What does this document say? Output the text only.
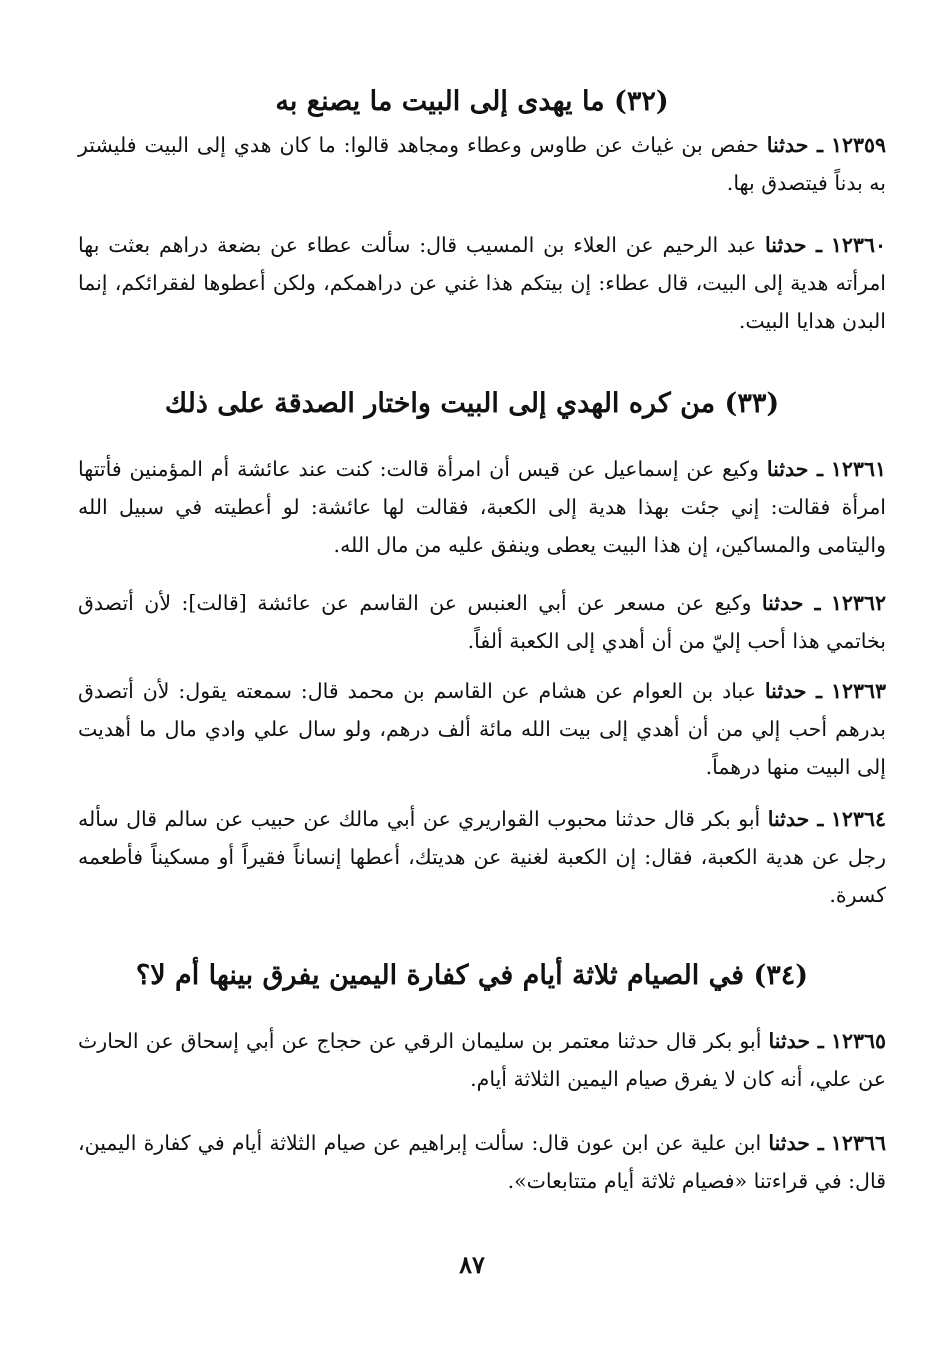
(٣٢) ما يهدى إلى البيت ما يصنع به

١٢٣٥٩ ـ حدثنا حفص بن غياث عن طاوس وعطاء ومجاهد قالوا: ما كان هدي إلى البيت فليشتر به بدناً فيتصدق بها.

١٢٣٦٠ ـ حدثنا عبد الرحيم عن العلاء بن المسيب قال: سألت عطاء عن بضعة دراهم بعثت بها امرأته هدية إلى البيت، قال عطاء: إن بيتكم هذا غني عن دراهمكم، ولكن أعطوها لفقرائكم، إنما البدن هدايا البيت.

(٣٣) من كره الهدي إلى البيت واختار الصدقة على ذلك

١٢٣٦١ ـ حدثنا وكيع عن إسماعيل عن قيس أن امرأة قالت: كنت عند عائشة أم المؤمنين فأتتها امرأة فقالت: إني جئت بهذا هدية إلى الكعبة، فقالت لها عائشة: لو أعطيته في سبيل الله واليتامى والمساكين، إن هذا البيت يعطى وينفق عليه من مال الله.

١٢٣٦٢ ـ حدثنا وكيع عن مسعر عن أبي العنبس عن القاسم عن عائشة [قالت]: لأن أتصدق بخاتمي هذا أحب إليّ من أن أهدي إلى الكعبة ألفاً.

١٢٣٦٣ ـ حدثنا عباد بن العوام عن هشام عن القاسم بن محمد قال: سمعته يقول: لأن أتصدق بدرهم أحب إلي من أن أهدي إلى بيت الله مائة ألف درهم، ولو سال علي وادي مال ما أهديت إلى البيت منها درهماً.

١٢٣٦٤ ـ حدثنا أبو بكر قال حدثنا محبوب القواريري عن أبي مالك عن حبيب عن سالم قال سأله رجل عن هدية الكعبة، فقال: إن الكعبة لغنية عن هديتك، أعطها إنساناً فقيراً أو مسكيناً فأطعمه كسرة.

(٣٤) في الصيام ثلاثة أيام في كفارة اليمين يفرق بينها أم لا؟

١٢٣٦٥ ـ حدثنا أبو بكر قال حدثنا معتمر بن سليمان الرقي عن حجاج عن أبي إسحاق عن الحارث عن علي، أنه كان لا يفرق صيام اليمين الثلاثة أيام.

١٢٣٦٦ ـ حدثنا ابن علية عن ابن عون قال: سألت إبراهيم عن صيام الثلاثة أيام في كفارة اليمين، قال: في قراءتنا «فصيام ثلاثة أيام متتابعات».

٨٧
